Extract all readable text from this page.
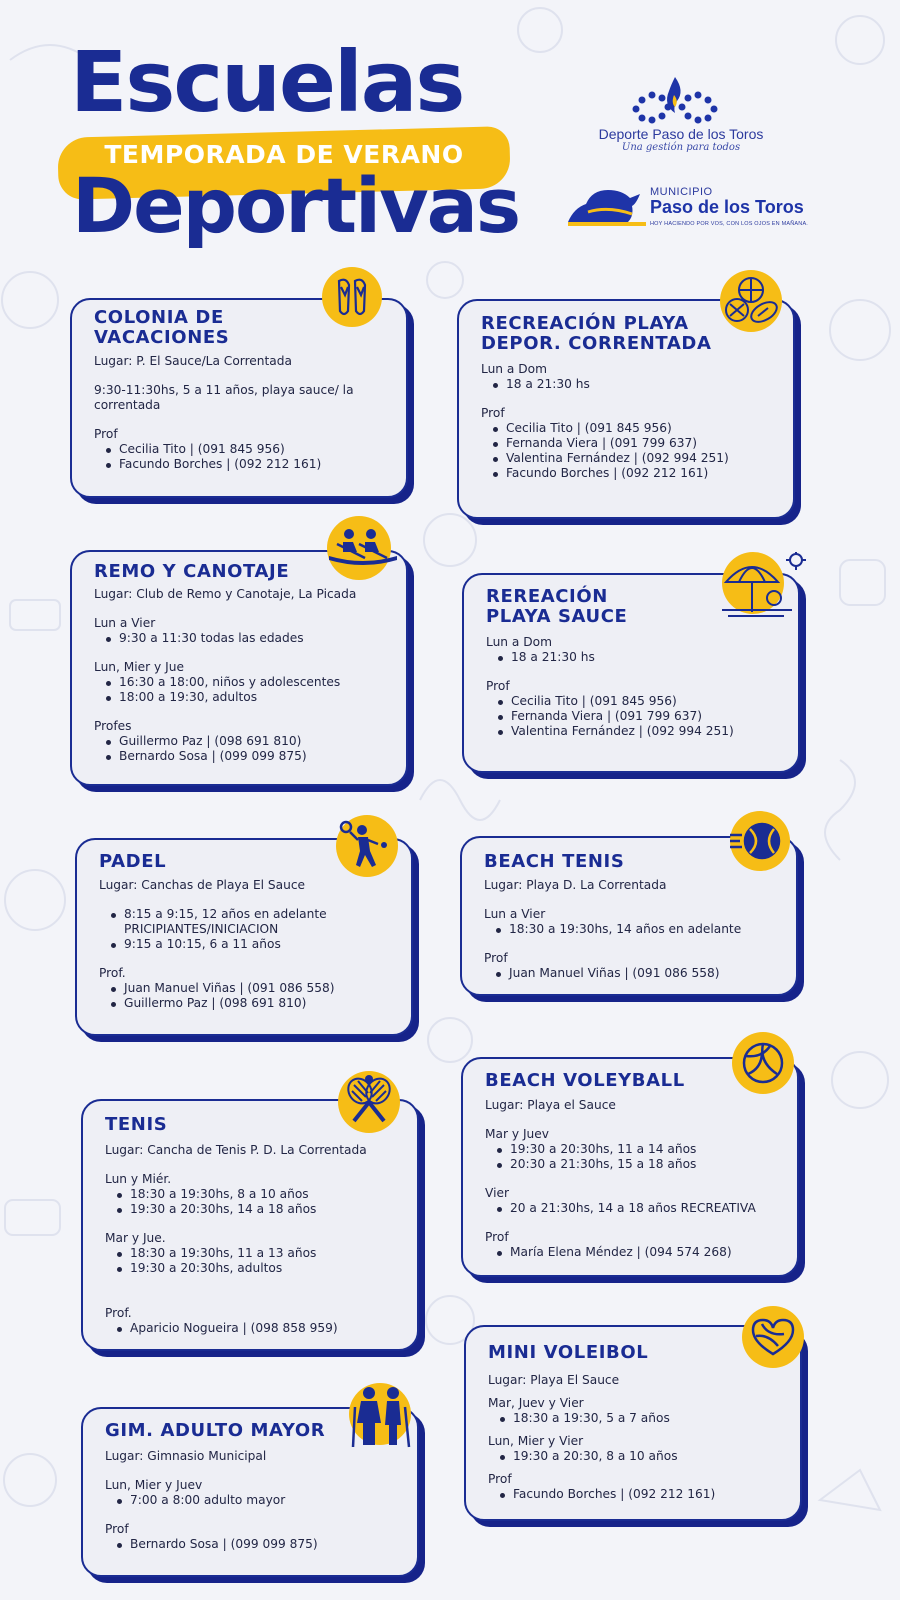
Escuelas
TEMPORADA DE VERANO
Deportivas
Deporte Paso de los Toros
Una gestión para todos
MUNICIPIO
Paso de los Toros
HOY HACIENDO POR VOS, CON LOS OJOS EN MAÑANA.
COLONIA DE
VACACIONES
Lugar: P. El Sauce/La Correntada
9:30-11:30hs, 5 a 11 años, playa sauce/ la
correntada
Prof
Cecilia Tito | (091 845 956)
Facundo Borches | (092 212 161)
RECREACIÓN PLAYA
DEPOR. CORRENTADA
Lun a Dom
18 a 21:30 hs
Prof
Cecilia Tito | (091 845 956)
Fernanda Viera | (091 799 637)
Valentina Fernández | (092 994 251)
Facundo Borches | (092 212 161)
REMO Y CANOTAJE
Lugar: Club de Remo y Canotaje, La Picada
Lun a Vier
9:30 a 11:30 todas las edades
Lun, Mier y Jue
16:30 a 18:00, niños y adolescentes
18:00 a 19:30, adultos
Profes
Guillermo Paz | (098 691 810)
Bernardo Sosa | (099 099 875)
REREACIÓN
PLAYA SAUCE
Lun a Dom
18 a 21:30 hs
Prof
Cecilia Tito | (091 845 956)
Fernanda Viera | (091 799 637)
Valentina Fernández | (092 994 251)
PADEL
Lugar: Canchas de Playa El Sauce
8:15 a 9:15, 12 años en adelante
PRICIPIANTES/INICIACION
9:15 a 10:15, 6 a 11 años
Prof.
Juan Manuel Viñas | (091 086 558)
Guillermo Paz | (098 691 810)
BEACH TENIS
Lugar: Playa D. La Correntada
Lun a Vier
18:30 a 19:30hs, 14 años en adelante
Prof
Juan Manuel Viñas | (091 086 558)
TENIS
Lugar: Cancha de Tenis P. D. La Correntada
Lun y Miér.
18:30 a 19:30hs, 8 a 10 años
19:30 a 20:30hs, 14 a 18 años
Mar y Jue.
18:30 a 19:30hs, 11 a 13 años
19:30 a 20:30hs, adultos
Prof.
Aparicio Nogueira | (098 858 959)
BEACH VOLEYBALL
Lugar: Playa el Sauce
Mar y Juev
19:30 a 20:30hs, 11 a 14 años
20:30 a 21:30hs, 15 a 18 años
Vier
20 a 21:30hs, 14 a 18 años RECREATIVA
Prof
María Elena Méndez | (094 574 268)
GIM. ADULTO MAYOR
Lugar: Gimnasio Municipal
Lun, Mier y Juev
7:00 a 8:00 adulto mayor
Prof
Bernardo Sosa | (099 099 875)
MINI VOLEIBOL
Lugar: Playa El Sauce
Mar, Juev y Vier
18:30 a 19:30, 5 a 7 años
Lun, Mier y Vier
19:30 a 20:30, 8 a 10 años
Prof
Facundo Borches | (092 212 161)
